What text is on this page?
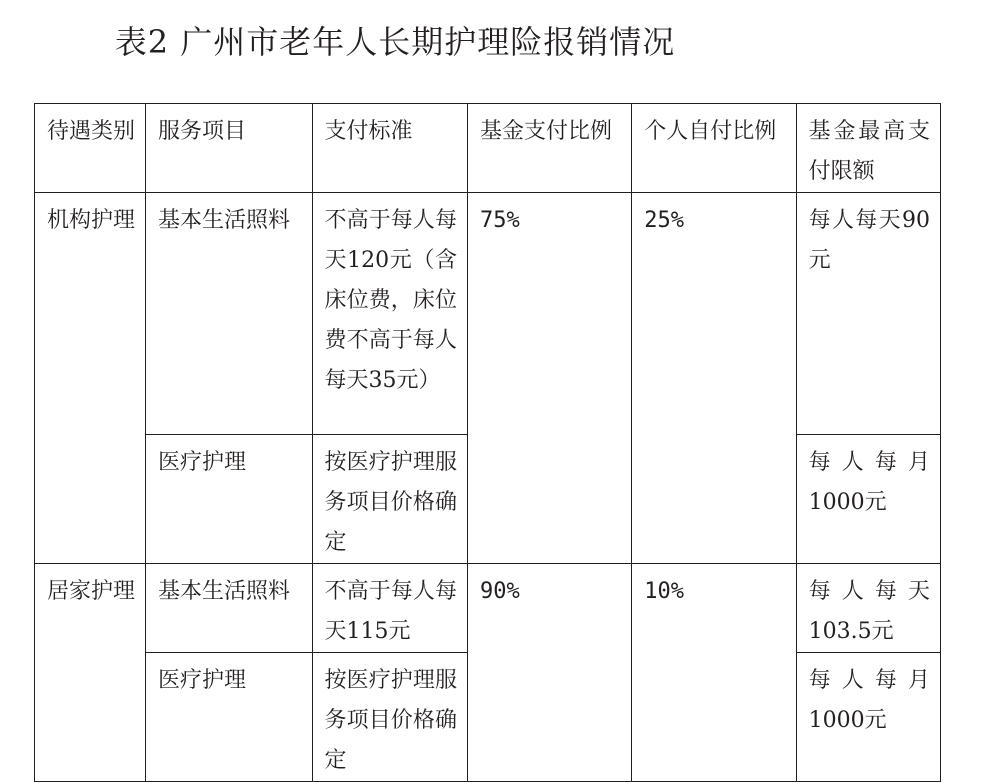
表2 广州市老年人长期护理险报销情况
待遇类别	服务项目	支付标准	基金支付比例	个人自付比例	基金最高支付限额
机构护理	基本生活照料	不高于每人每天120元（含床位费，床位费不高于每人每天35元）	75%	25%	每人每天90元
	医疗护理	按医疗护理服务项目价格确定			每人每月1000元
居家护理	基本生活照料	不高于每人每天115元	90%	10%	每人每天103.5元
	医疗护理	按医疗护理服务项目价格确定			每人每月1000元
